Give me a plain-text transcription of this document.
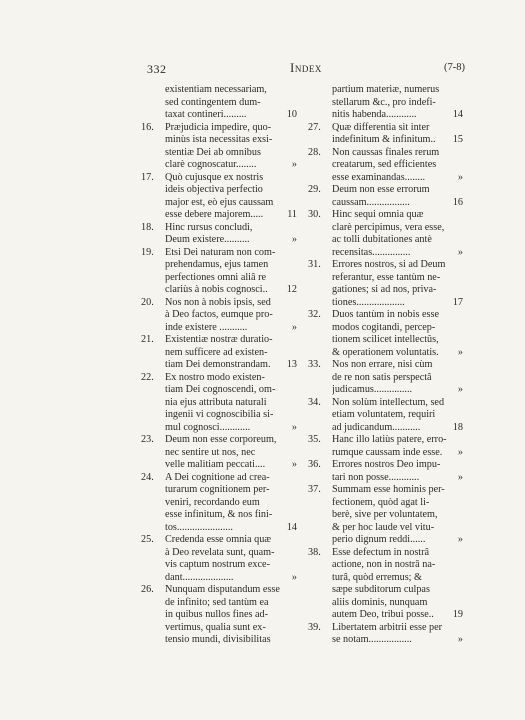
332	Index	(7-8)
existentiam necessariam,
sed contingentem dum-
taxat contineri.........	10
16.	Præjudicia impedire, quo-
minùs ista necessitas exsi-
stentiæ Dei ab omnibus
clarè cognoscatur........	»
17.	Quò cujusque ex nostris
ideis objectiva perfectio
major est, eò ejus caussam
esse debere majorem.....	11
18.	Hinc rursus concludi,
Deum existere..........	»
19.	Etsi Dei naturam non com-
prehendamus, ejus tamen
perfectiones omni aliâ re
clariùs à nobis cognosci..	12
20.	Nos non à nobis ipsis, sed
à Deo factos, eumque pro-
inde existere ...........	»
21.	Existentiæ nostræ duratio-
nem sufficere ad existen-
tiam Dei demonstrandam.	13
22.	Ex nostro modo existen-
tiam Dei cognoscendi, om-
nia ejus attributa naturali
ingenii vi cognoscibilia si-
mul cognosci............	»
23.	Deum non esse corporeum,
nec sentire ut nos, nec
velle malitiam peccati....	»
24.	A Dei cognitione ad crea-
turarum cognitionem per-
veniri, recordando eum
esse infinitum, & nos fini-
tos......................	14
25.	Credenda esse omnia quæ
à Deo revelata sunt, quam-
vis captum nostrum exce-
dant....................	»
26.	Nunquam disputandum esse
de infinito; sed tantùm ea
in quibus nullos fines ad-
vertimus, qualia sunt ex-
tensio mundi, divisibilitas
partium materiæ, numerus
stellarum &c., pro indefi-
nitis habenda............	14
27.	Quæ differentia sit inter
indefinitum & infinitum..	15
28.	Non caussas finales rerum
creatarum, sed efficientes
esse examinandas........	»
29.	Deum non esse errorum
caussam.................	16
30.	Hinc sequi omnia quæ
clarè percipimus, vera esse,
ac tolli dubitationes antè
recensitas...............	»
31.	Errores nostros, si ad Deum
referantur, esse tantùm ne-
gationes; si ad nos, priva-
tiones...................	17
32.	Duos tantùm in nobis esse
modos cogitandi, percep-
tionem scilicet intellectûs,
& operationem voluntatis.	»
33.	Nos non errare, nisi cùm
de re non satis perspectâ
judicamus...............	»
34.	Non solùm intellectum, sed
etiam voluntatem, requiri
ad judicandum...........	18
35.	Hanc illo latiùs patere, erro-
rumque caussam inde esse.	»
36.	Errores nostros Deo impu-
tari non posse............	»
37.	Summam esse hominis per-
fectionem, quòd agat li-
berè, sive per voluntatem,
& per hoc laude vel vitu-
perio dignum reddi......	»
38.	Esse defectum in nostrâ
actione, non in nostrâ na-
turâ, quòd erremus; &
sæpe subditorum culpas
aliis dominis, nunquam
autem Deo, tribui posse..	19
39.	Libertatem arbitrii esse per
se notam.................	»
